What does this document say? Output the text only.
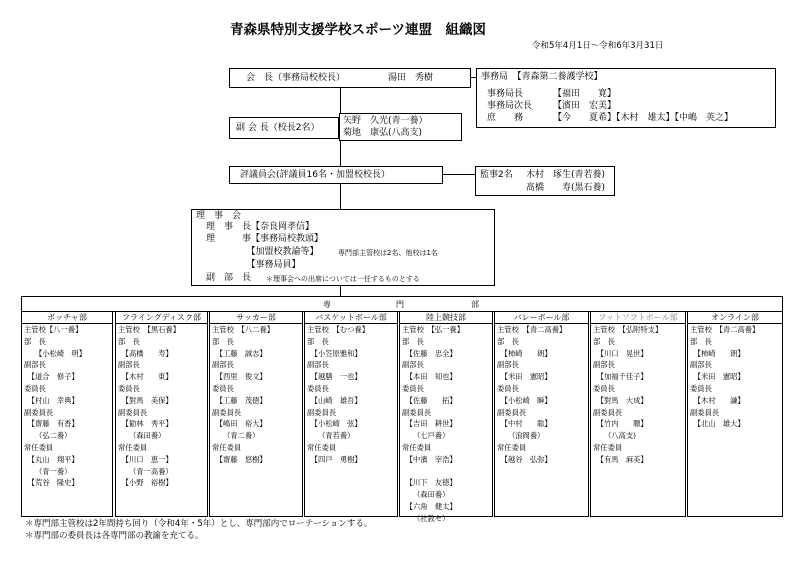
青森県特別支援学校スポーツ連盟　組織図
令和5年4月1日～令和6年3月31日
会　長（事務局校校長）	湯田　秀樹	事務局　【青森第二養護学校】
事務局長	【福田　　寛】
事務局次長 【濱田　宏美】
庶　　務	【今　　夏希】【木村　雄太】【中嶋　英之】
副 会 長（校長2名）
矢野　久光(青一養）
菊地　康弘(八高支)
評議員会(評議員16名・加盟校校長）	監事2名 木村　琢生(青若養)
髙橋　　寿(黒石養)
理　事　会
理　事　長【奈良岡孝信】
理　　　事【事務局校教頭】
　　　　　【加盟校教諭等】	専門部主管校は2名、他校は1名
　　　　　【事務局員】
副　部　長 ＊理事会への出席については一任するものとする
専	門	部
ボッチャ部
主管校【八一養】
部　長
　　【小松崎　明】
副部長
　【道合　修子】
委員長
　【村山　幸典】
副委員長
　【齋藤　有香】
　　（弘二養）
常任委員
　【丸山　翔平】
　　（青一養）
　【荒谷　隆史】
フライングディスク部
主管校　【黒石養】
部　長
　【高橋　　寿】
副部長
　【木村　　東】
委員長
　【對馬　美保】
副委員長
　【勧林　秀平】
　　（森田養）
常任委員
　【川口　恵一】
　　（青一高養）
　【小野　裕樹】
サッカー部
主管校　【八二養】
部　長
　【工藤　誠志】
副部長
　【西里　俊文】
委員長
　【工藤　茂徳】
副委員長
　【嶋田　裕大】
　　（青二養）
常任委員
　【齋藤　悠樹】
バスケットボール部
主管校　【むつ養】
部　長
　【小笠原雅和】
副部長
　【越膳　一也】
委員長
　【山崎　雄吾】
副委員長
　【小松崎　弦】
　　（青若養）
常任委員
　【四戸　勇樹】
陸上競技部
主管校　【弘一養】
部　長
　【佐藤　忠全】
副部長
　【本田　知也】
委員長
　【佐藤　　拓】
副委員長
　【吉田　耕世】
　　（七戸養）
常任委員
　【中濱　宰浩】

　【川下　友徳】
　　（森田養）
　【六角　健太】
　　（社教セ）
バレーボール部
主管校　【青二高養】
部　長
　【柿崎　　朗】
副部長
　【米田　憲昭】
委員長
　【小松崎　瞬】
副委員長
　【中村　　聡】
　　（浪岡養）
常任委員
　【越谷　弘弥】
フットソフトボール部
主管校　【弘附特支】
部　長
　【川口　晃世】
副部長
　【加福千佳子】
委員長
　【對馬　大成】
副委員長
　【竹内　　聰】
　　（八高支)
常任委員
　【有馬　麻美】
オンライン部
主管校　【青二高養】
部　長
　【柿崎　　朗】
副部長
　【米田　憲昭】
委員長
　【木村　　謙】
副委員長
　【北山　雄大】
＊専門部主管校は2年間持ち回り（令和4年・5年）とし、専門部内でローテーションする。
＊専門部の委員長は各専門部の教諭を充てる。
